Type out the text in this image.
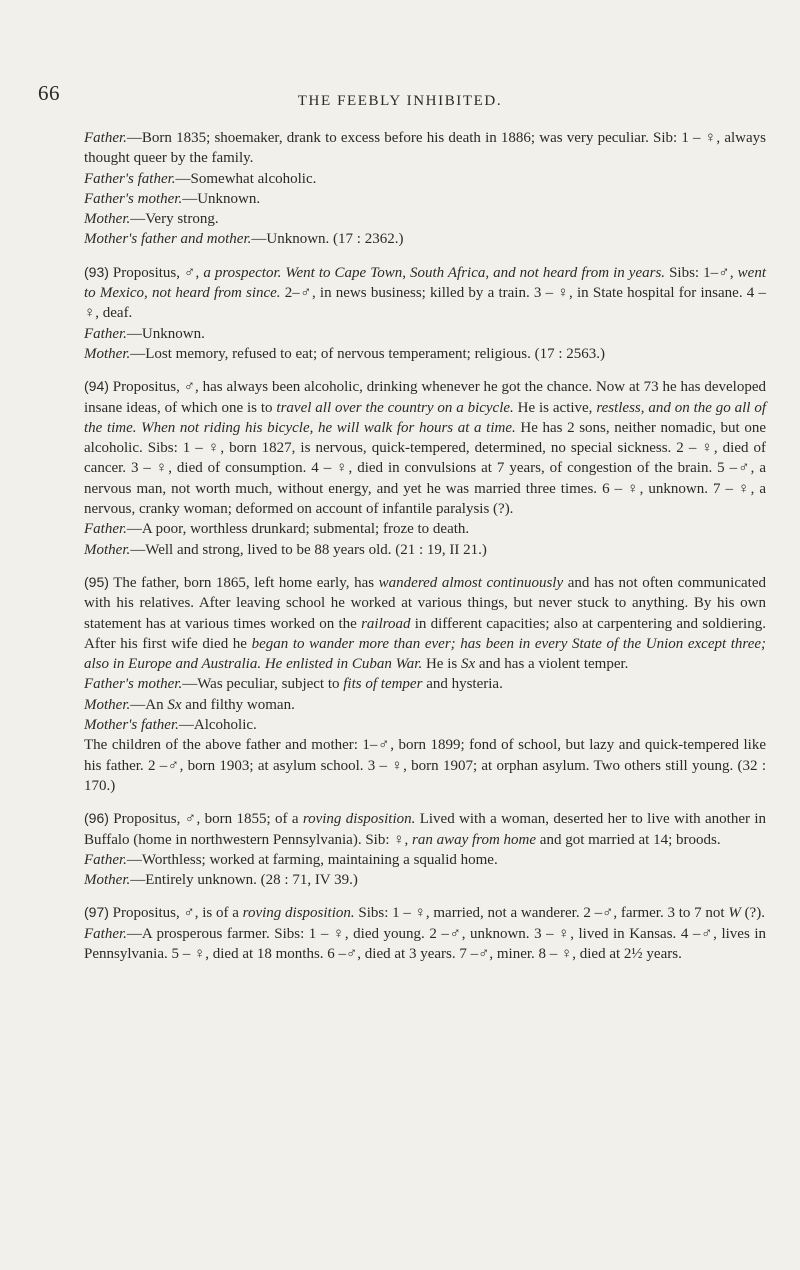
66	THE FEEBLY INHIBITED.

Father.—Born 1835; shoemaker, drank to excess before his death in 1886; was very peculiar. Sib: 1 – ♀, always thought queer by the family.

Father's father.—Somewhat alcoholic.

Father's mother.—Unknown.

Mother.—Very strong.

Mother's father and mother.—Unknown. (17 : 2362.)

(93) Propositus, ♂, a prospector. Went to Cape Town, South Africa, and not heard from in years. Sibs: 1–♂, went to Mexico, not heard from since. 2–♂, in news business; killed by a train. 3 – ♀, in State hospital for insane. 4 – ♀, deaf.

Father.—Unknown.

Mother.—Lost memory, refused to eat; of nervous temperament; religious. (17 : 2563.)

(94) Propositus, ♂, has always been alcoholic, drinking whenever he got the chance. Now at 73 he has developed insane ideas, of which one is to travel all over the country on a bicycle. He is active, restless, and on the go all of the time. When not riding his bicycle, he will walk for hours at a time. He has 2 sons, neither nomadic, but one alcoholic. Sibs: 1 – ♀, born 1827, is nervous, quick-tempered, determined, no special sickness. 2 – ♀, died of cancer. 3 – ♀, died of consumption. 4 – ♀, died in convulsions at 7 years, of congestion of the brain. 5 –♂, a nervous man, not worth much, without energy, and yet he was married three times. 6 – ♀, unknown. 7 – ♀, a nervous, cranky woman; deformed on account of infantile paralysis (?).

Father.—A poor, worthless drunkard; submental; froze to death.

Mother.—Well and strong, lived to be 88 years old. (21 : 19, II 21.)

(95) The father, born 1865, left home early, has wandered almost continuously and has not often communicated with his relatives. After leaving school he worked at various things, but never stuck to anything. By his own statement has at various times worked on the railroad in different capacities; also at carpentering and soldiering. After his first wife died he began to wander more than ever; has been in every State of the Union except three; also in Europe and Australia. He enlisted in Cuban War. He is Sx and has a violent temper.

Father's mother.—Was peculiar, subject to fits of temper and hysteria.

Mother.—An Sx and filthy woman.

Mother's father.—Alcoholic.

The children of the above father and mother: 1–♂, born 1899; fond of school, but lazy and quick-tempered like his father. 2 –♂, born 1903; at asylum school. 3 – ♀, born 1907; at orphan asylum. Two others still young. (32 : 170.)

(96) Propositus, ♂, born 1855; of a roving disposition. Lived with a woman, deserted her to live with another in Buffalo (home in northwestern Pennsylvania). Sib: ♀, ran away from home and got married at 14; broods.

Father.—Worthless; worked at farming, maintaining a squalid home.

Mother.—Entirely unknown. (28 : 71, IV 39.)

(97) Propositus, ♂, is of a roving disposition. Sibs: 1 – ♀, married, not a wanderer. 2 –♂, farmer. 3 to 7 not W (?).

Father.—A prosperous farmer. Sibs: 1 – ♀, died young. 2 –♂, unknown. 3 – ♀, lived in Kansas. 4 –♂, lives in Pennsylvania. 5 – ♀, died at 18 months. 6 –♂, died at 3 years. 7 –♂, miner. 8 – ♀, died at 2½ years.
